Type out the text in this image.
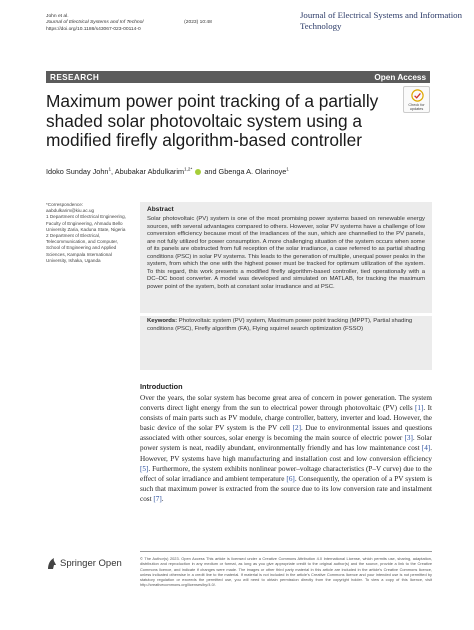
John et al.
Journal of Electrical Systems and Inf Technol	(2023) 10:48
https://doi.org/10.1186/s43067-023-00114-0
Journal of Electrical Systems and Information Technology
RESEARCH	Open Access
Check for updates
Maximum power point tracking of a partially shaded solar photovoltaic system using a modified firefly algorithm-based controller
Idoko Sunday John$^1$, Abubakar Abdulkarim$^{1,2*}$ and Gbenga A. Olarinoye$^1$
*Correspondence: aabdulkarim@kiu.ac.ug
1 Department of Electrical Engineering, Faculty of Engineering, Ahmadu Bello University Zaria, Kaduna State, Nigeria
2 Department of Electrical, Telecommunication, and Computer, School of Engineering and Applied Sciences, Kampala International University, Ishaka, Uganda
Abstract
Solar photovoltaic (PV) system is one of the most promising power systems based on renewable energy sources, with several advantages compared to others. However, solar PV systems have a challenge of low conversion efficiency because most of the irradiances of the sun, which are channelled to the PV panels, are not fully utilized for power consumption. A more challenging situation of the system occurs when some of its panels are obstructed from full reception of the solar irradiance, a case referred to as partial shading conditions (PSC) in solar PV systems. This leads to the generation of multiple, unequal power peaks in the system, from which the one with the highest power must be tracked for optimum utilization of the system. To this regard, this work presents a modified firefly algorithm-based controller, tied operationally with a DC–DC boost converter. A model was developed and simulated on MATLAB, for tracking the maximum power point of the system, both at constant solar irradiance and at PSC.
Keywords: Photovoltaic system (PV) system, Maximum power point tracking (MPPT), Partial shading conditions (PSC), Firefly algorithm (FA), Flying squirrel search optimization (FSSO)
Introduction
Over the years, the solar system has become great area of concern in power generation. The system converts direct light energy from the sun to electrical power through photovoltaic (PV) cells [1]. It consists of main parts such as PV module, charge controller, battery, inverter and load. However, the basic device of the solar PV system is the PV cell [2]. Due to environmental issues and questions associated with other sources, solar energy is becoming the main source of electric power [3]. Solar power system is neat, readily abundant, environmentally friendly and has low maintenance cost [4]. However, PV systems have high manufacturing and installation cost and low conversion efficiency [5]. Furthermore, the system exhibits nonlinear power–voltage characteristics (P–V curve) due to the effect of solar irradiance and ambient temperature [6]. Consequently, the operation of a PV system is such that maximum power is extracted from the source due to its low conversion rate and instalment cost [7].
Springer Open	© The Author(s) 2023. Open Access This article is licensed under a Creative Commons Attribution 4.0 International License, which permits use, sharing, adaptation, distribution and reproduction in any medium or format, as long as you give appropriate credit to the original author(s) and the source, provide a link to the Creative Commons licence, and indicate if changes were made. The images or other third party material in this article are included in the article's Creative Commons licence, unless indicated otherwise in a credit line to the material. If material is not included in the article's Creative Commons licence and your intended use is not permitted by statutory regulation or exceeds the permitted use, you will need to obtain permission directly from the copyright holder. To view a copy of this licence, visit http://creativecommons.org/licenses/by/4.0/.
